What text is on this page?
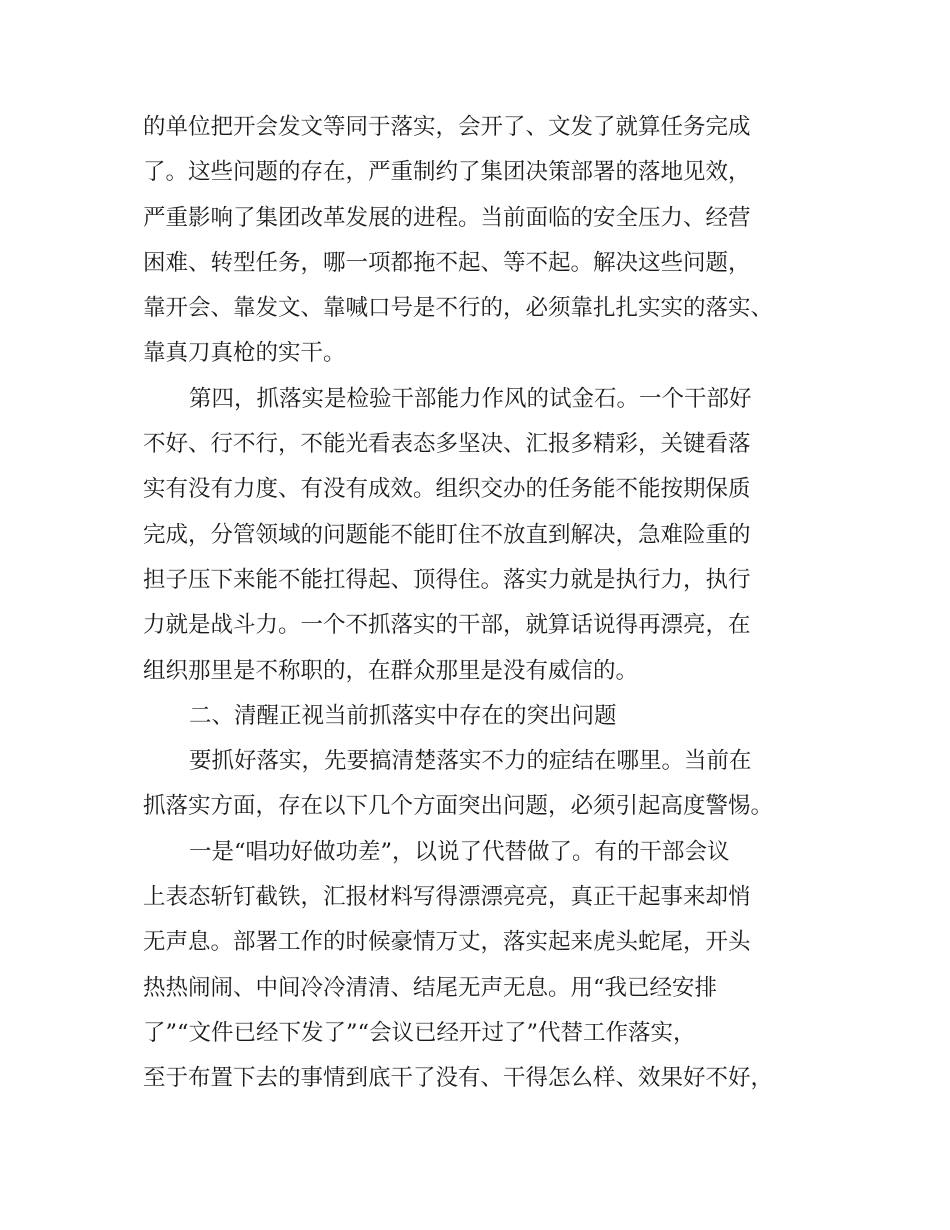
的单位把开会发文等同于落实，会开了、文发了就算任务完成
了。这些问题的存在，严重制约了集团决策部署的落地见效，
严重影响了集团改革发展的进程。当前面临的安全压力、经营
困难、转型任务，哪一项都拖不起、等不起。解决这些问题，
靠开会、靠发文、靠喊口号是不行的，必须靠扎扎实实的落实、
靠真刀真枪的实干。
第四，抓落实是检验干部能力作风的试金石。一个干部好
不好、行不行，不能光看表态多坚决、汇报多精彩，关键看落
实有没有力度、有没有成效。组织交办的任务能不能按期保质
完成，分管领域的问题能不能盯住不放直到解决，急难险重的
担子压下来能不能扛得起、顶得住。落实力就是执行力，执行
力就是战斗力。一个不抓落实的干部，就算话说得再漂亮，在
组织那里是不称职的，在群众那里是没有威信的。
二、清醒正视当前抓落实中存在的突出问题
要抓好落实，先要搞清楚落实不力的症结在哪里。当前在
抓落实方面，存在以下几个方面突出问题，必须引起高度警惕。
一是“唱功好做功差”，以说了代替做了。有的干部会议
上表态斩钉截铁，汇报材料写得漂漂亮亮，真正干起事来却悄
无声息。部署工作的时候豪情万丈，落实起来虎头蛇尾，开头
热热闹闹、中间冷冷清清、结尾无声无息。用“我已经安排
了”“文件已经下发了”“会议已经开过了”代替工作落实，
至于布置下去的事情到底干了没有、干得怎么样、效果好不好，
